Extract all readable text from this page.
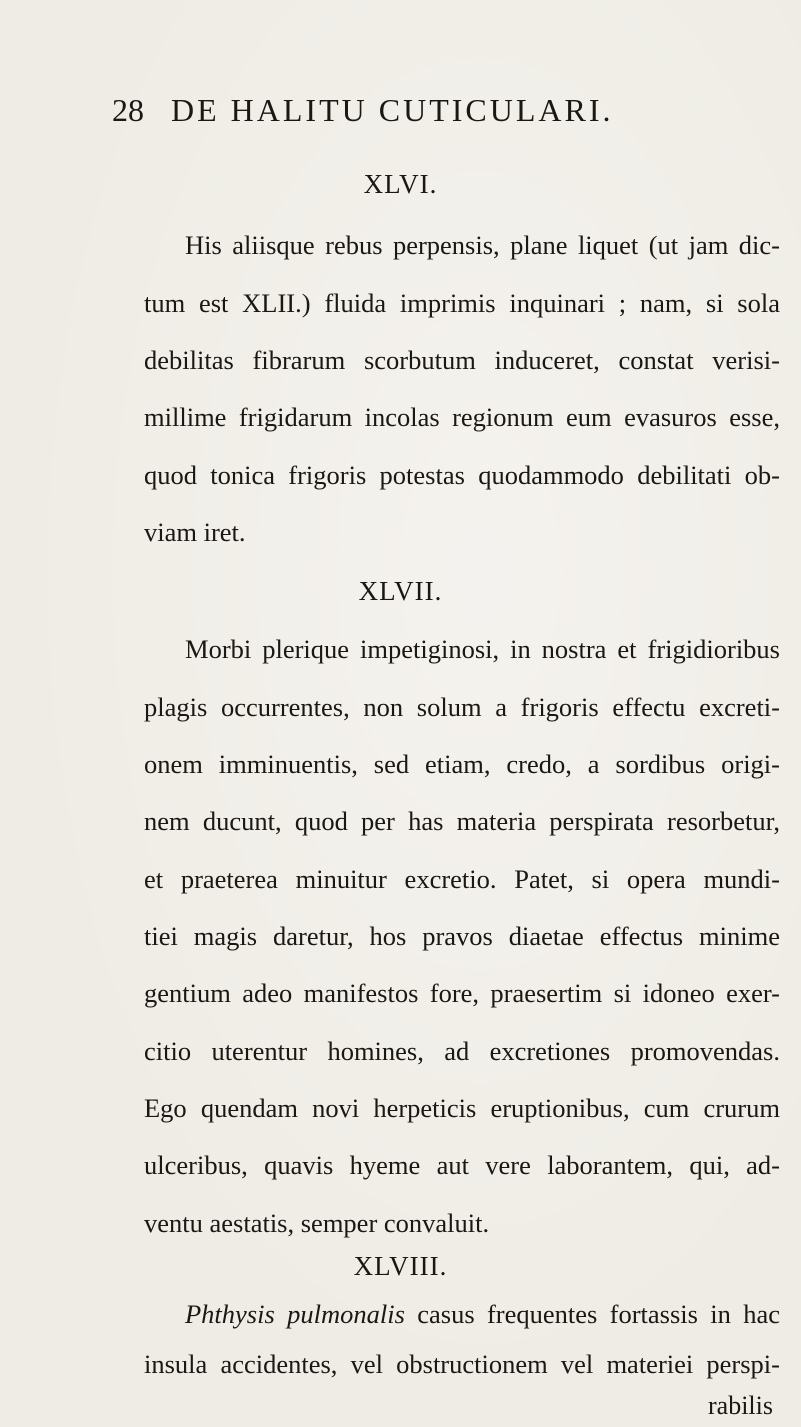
28 DE HALITU CUTICULARI.
XLVI.
His aliisque rebus perpensis, plane liquet (ut jam dic-
tum est XLII.) fluida imprimis inquinari ; nam, si sola
debilitas fibrarum scorbutum induceret, constat verisi-
millime frigidarum incolas regionum eum evasuros esse,
quod tonica frigoris potestas quodammodo debilitati ob-
viam iret.
XLVII.
Morbi plerique impetiginosi, in nostra et frigidioribus
plagis occurrentes, non solum a frigoris effectu excreti-
onem imminuentis, sed etiam, credo, a sordibus origi-
nem ducunt, quod per has materia perspirata resorbetur,
et praeterea minuitur excretio. Patet, si opera mundi-
tiei magis daretur, hos pravos diaetae effectus minime
gentium adeo manifestos fore, praesertim si idoneo exer-
citio uterentur homines, ad excretiones promovendas.
Ego quendam novi herpeticis eruptionibus, cum crurum
ulceribus, quavis hyeme aut vere laborantem, qui, ad-
ventu aestatis, semper convaluit.
XLVIII.
Phthysis pulmonalis casus frequentes fortassis in hac
insula accidentes, vel obstructionem vel materiei perspi-
rabilis
